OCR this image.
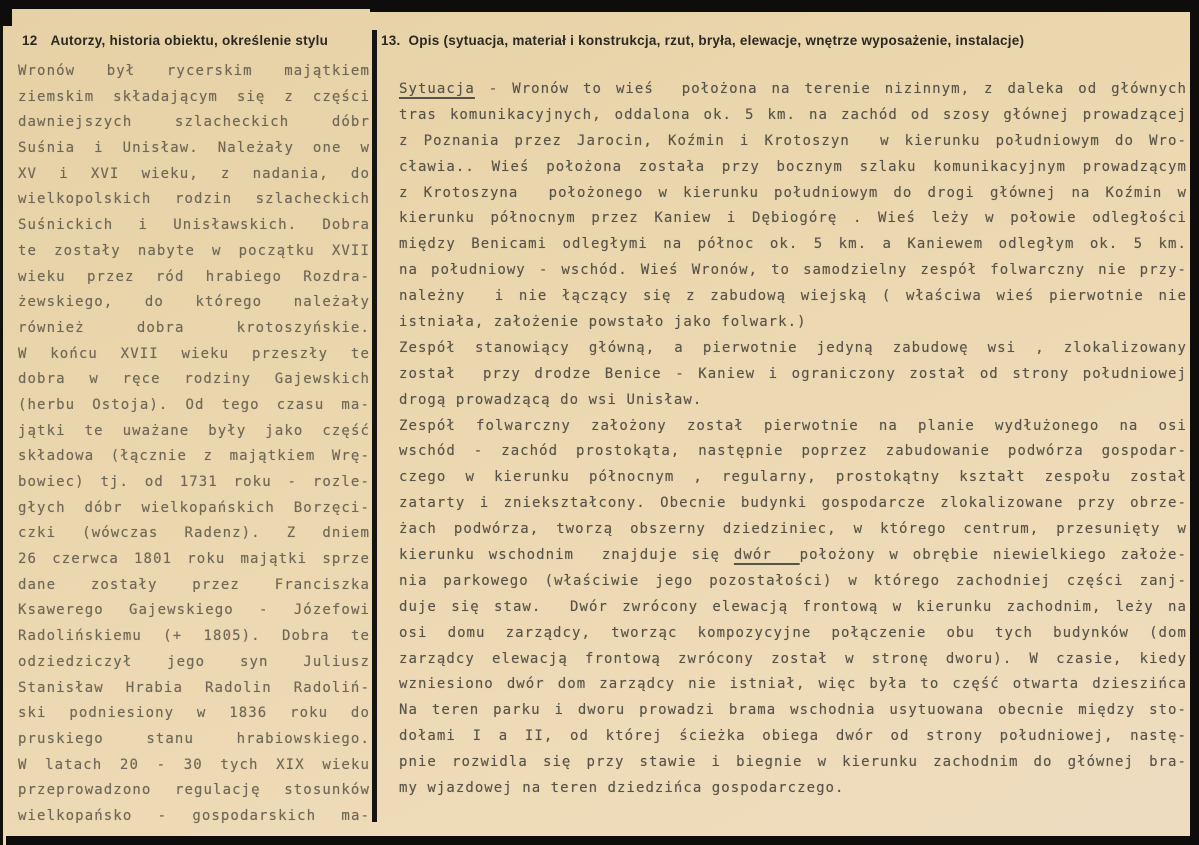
12 Autorzy, historia obiektu, określenie stylu	13. Opis (sytuacja, materiał i konstrukcja, rzut, bryła, elewacje, wnętrze wyposażenie, instalacje)
Wronów był rycerskim majątkiem
ziemskim składającym się z części
dawniejszych szlacheckich dóbr
Suśnia i Unisław. Należały one w
XV i XVI wieku, z nadania, do
wielkopolskich rodzin szlacheckich
Suśnickich i Unisławskich. Dobra
te zostały nabyte w początku XVII
wieku przez ród hrabiego Rozdra-
żewskiego, do którego należały
również dobra krotoszyńskie.
W końcu XVII wieku przeszły te
dobra w ręce rodziny Gajewskich
(herbu Ostoja). Od tego czasu ma-
jątki te uważane były jako część
składowa (łącznie z majątkiem Wrę-
bowiec) tj. od 1731 roku - rozle-
głych dóbr wielkopańskich Borzęci-
czki (wówczas Radenz). Z dniem
26 czerwca 1801 roku majątki sprze
dane zostały przez Franciszka
Ksawerego Gajewskiego - Józefowi
Radolińskiemu (+ 1805). Dobra te
odziedziczył jego syn Juliusz
Stanisław Hrabia Radolin Radoliń-
ski podniesiony w 1836 roku do
pruskiego stanu hrabiowskiego.
W latach 20 - 30 tych XIX wieku
przeprowadzono regulację stosunków
wielkopańsko - gospodarskich ma-
Sytuacja - Wronów to wieś  położona na terenie nizinnym, z daleka od głównych
tras komunikacyjnych, oddalona ok. 5 km. na zachód od szosy głównej prowadzącej
z Poznania przez Jarocin, Koźmin i Krotoszyn  w kierunku południowym do Wro-
cławia.. Wieś położona została przy bocznym szlaku komunikacyjnym prowadzącym
z Krotoszyna  położonego w kierunku południowym do drogi głównej na Koźmin w
kierunku północnym przez Kaniew i Dębiogórę . Wieś leży w połowie odległości
między Benicami odległymi na północ ok. 5 km. a Kaniewem odległym ok. 5 km.
na południowy - wschód. Wieś Wronów, to samodzielny zespół folwarczny nie przy-
należny  i nie łączący się z zabudową wiejską ( właściwa wieś pierwotnie nie
istniała, założenie powstało jako folwark.)
Zespół stanowiący główną, a pierwotnie jedyną zabudowę wsi , zlokalizowany
został  przy drodze Benice - Kaniew i ograniczony został od strony południowej
drogą prowadzącą do wsi Unisław.
Zespół folwarczny założony został pierwotnie na planie wydłużonego na osi
wschód - zachód prostokąta, następnie poprzez zabudowanie podwórza gospodar-
czego w kierunku północnym , regularny, prostokątny kształt zespołu został
zatarty i zniekształcony. Obecnie budynki gospodarcze zlokalizowane przy obrze-
żach podwórza, tworzą obszerny dziedziniec, w którego centrum, przesunięty w
kierunku wschodnim  znajduje się dwór  położony w obrębie niewielkiego założe-
nia parkowego (właściwie jego pozostałości) w którego zachodniej części zanj-
duje się staw.  Dwór zwrócony elewacją frontową w kierunku zachodnim, leży na
osi domu zarządcy, tworząc kompozycyjne połączenie obu tych budynków (dom
zarządcy elewacją frontową zwrócony został w stronę dworu). W czasie, kiedy
wzniesiono dwór dom zarządcy nie istniał, więc była to część otwarta dzieszińca
Na teren parku i dworu prowadzi brama wschodnia usytuowana obecnie między sto-
dołami I a II, od której ścieżka obiega dwór od strony południowej, nastę-
pnie rozwidla się przy stawie i biegnie w kierunku zachodnim do głównej bra-
my wjazdowej na teren dziedzińca gospodarczego.
